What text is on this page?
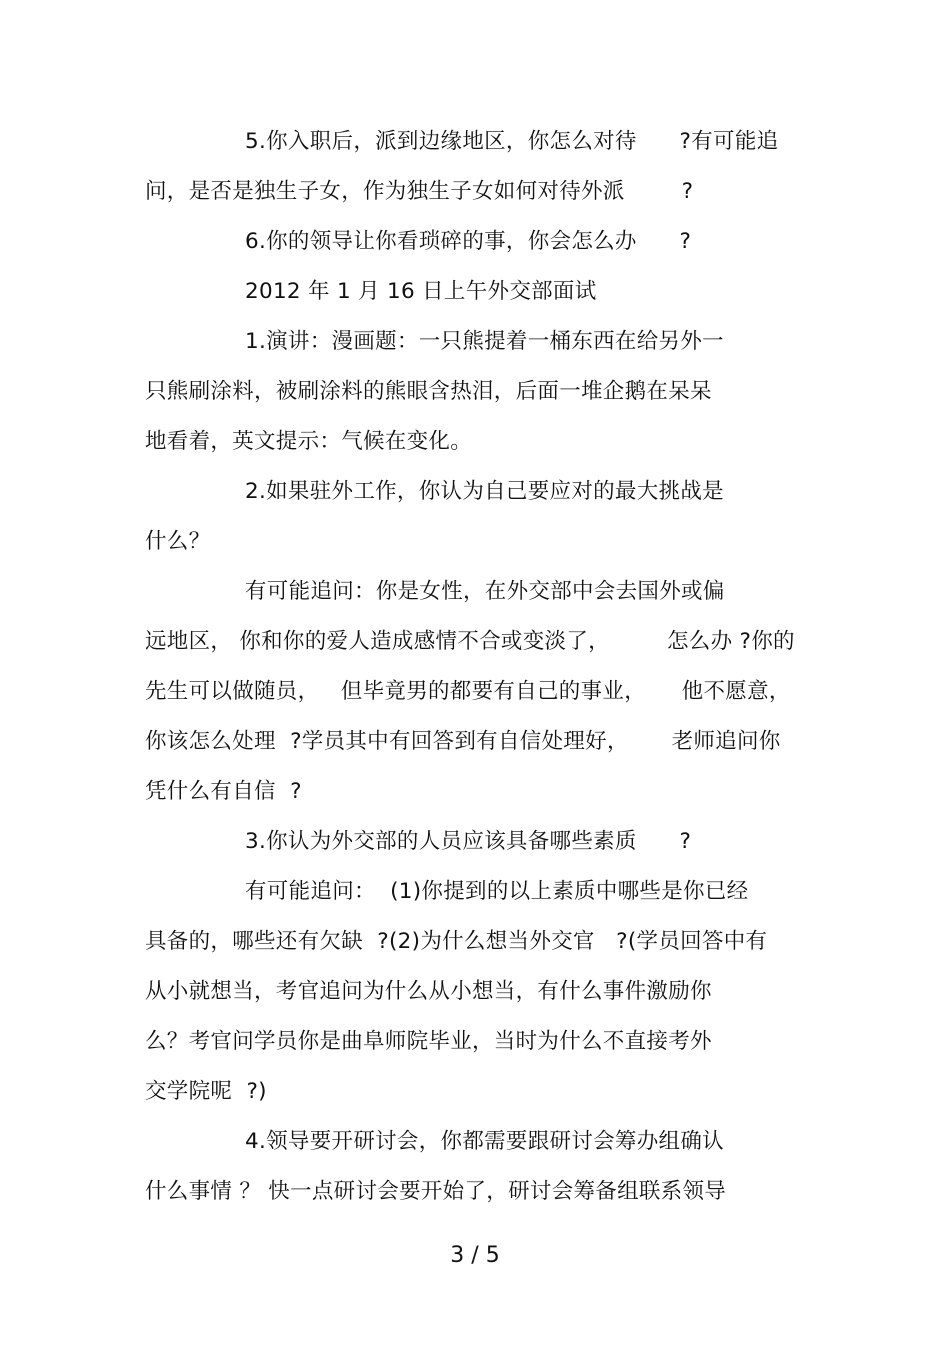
5.你入职后，派到边缘地区，你怎么对待      ?有可能追
问，是否是独生子女，作为独生子女如何对待外派        ?
6.你的领导让你看琐碎的事，你会怎么办      ?
2012 年 1 月 16 日上午外交部面试
1.演讲：漫画题：一只熊提着一桶东西在给另外一
只熊刷涂料，被刷涂料的熊眼含热泪，后面一堆企鹅在呆呆
地看着，英文提示：气候在变化。
2.如果驻外工作，你认为自己要应对的最大挑战是
什么？
有可能追问：你是女性，在外交部中会去国外或偏
远地区， 你和你的爱人造成感情不合或变淡了，        怎么办 ?你的
先生可以做随员，   但毕竟男的都要有自己的事业，     他不愿意，
你该怎么处理  ?学员其中有回答到有自信处理好，      老师追问你
凭什么有自信  ?
3.你认为外交部的人员应该具备哪些素质      ?
有可能追问：  (1)你提到的以上素质中哪些是你已经
具备的，哪些还有欠缺  ?(2)为什么想当外交官   ?(学员回答中有
从小就想当，考官追问为什么从小想当，有什么事件激励你
么？考官问学员你是曲阜师院毕业，当时为什么不直接考外
交学院呢  ?)
4.领导要开研讨会，你都需要跟研讨会筹办组确认
什么事情 ？ 快一点研讨会要开始了，研讨会筹备组联系领导
3 / 5
